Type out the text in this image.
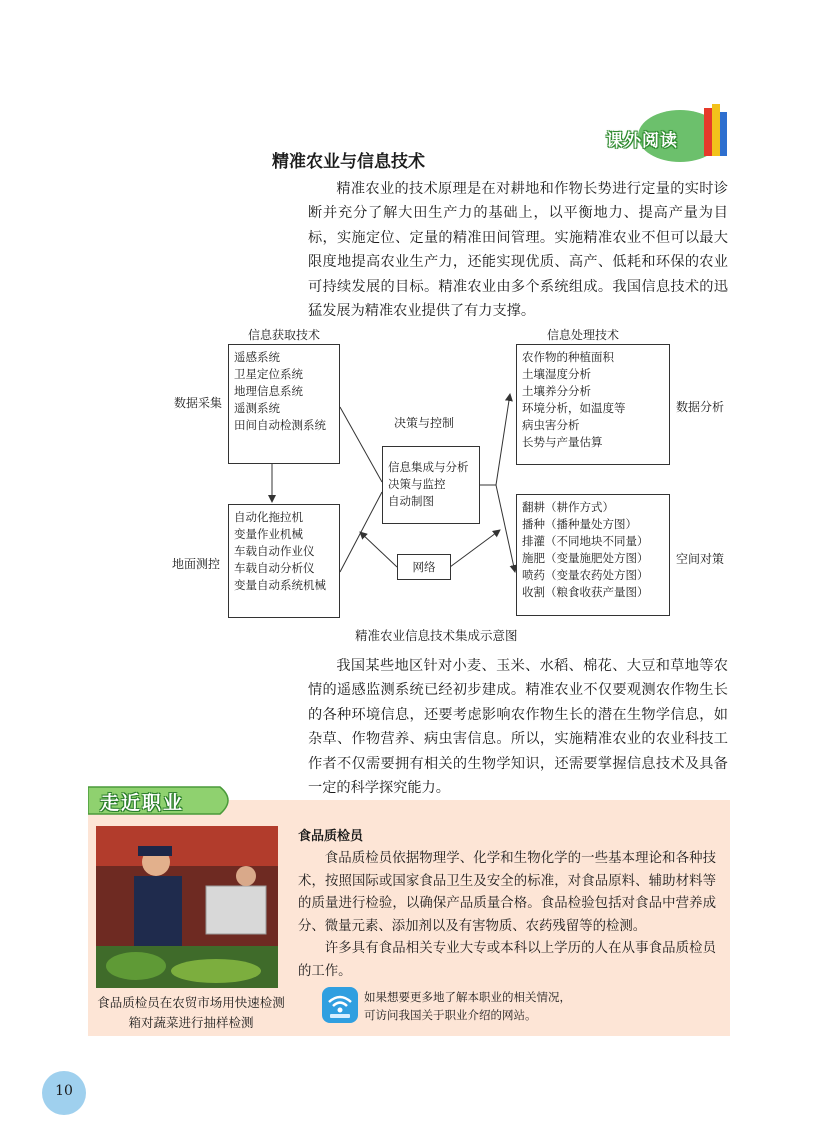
课外阅读
精准农业与信息技术

精准农业的技术原理是在对耕地和作物长势进行定量的实时诊断并充分了解大田生产力的基础上，以平衡地力、提高产量为目标，实施定位、定量的精准田间管理。实施精准农业不但可以最大限度地提高农业生产力，还能实现优质、高产、低耗和环保的农业可持续发展的目标。精准农业由多个系统组成。我国信息技术的迅猛发展为精准农业提供了有力支撑。

信息获取技术	信息处理技术
数据采集
地面测控
决策与控制
数据分析
空间对策
遥感系统
卫星定位系统
地理信息系统
遥测系统
田间自动检测系统
自动化拖拉机
变量作业机械
车载自动作业仪
车载自动分析仪
变量自动系统机械
信息集成与分析
决策与监控
自动制图
网络
农作物的种植面积
土壤湿度分析
土壤养分分析
环境分析，如温度等
病虫害分析
长势与产量估算
翻耕（耕作方式）
播种（播种量处方图）
排灌（不同地块不同量）
施肥（变量施肥处方图）
喷药（变量农药处方图）
收割（粮食收获产量图）
精准农业信息技术集成示意图

我国某些地区针对小麦、玉米、水稻、棉花、大豆和草地等农情的遥感监测系统已经初步建成。精准农业不仅要观测农作物生长的各种环境信息，还要考虑影响农作物生长的潜在生物学信息，如杂草、作物营养、病虫害信息。所以，实施精准农业的农业科技工作者不仅需要拥有相关的生物学知识，还需要掌握信息技术及具备一定的科学探究能力。

走近职业
食品质检员在农贸市场用快速检测箱对蔬菜进行抽样检测
食品质检员

食品质检员依据物理学、化学和生物化学的一些基本理论和各种技术，按照国际或国家食品卫生及安全的标准，对食品原料、辅助材料等的质量进行检验，以确保产品质量合格。食品检验包括对食品中营养成分、微量元素、添加剂以及有害物质、农药残留等的检测。

许多具有食品相关专业大专或本科以上学历的人在从事食品质检员的工作。

如果想要更多地了解本职业的相关情况，
可访问我国关于职业介绍的网站。
10
